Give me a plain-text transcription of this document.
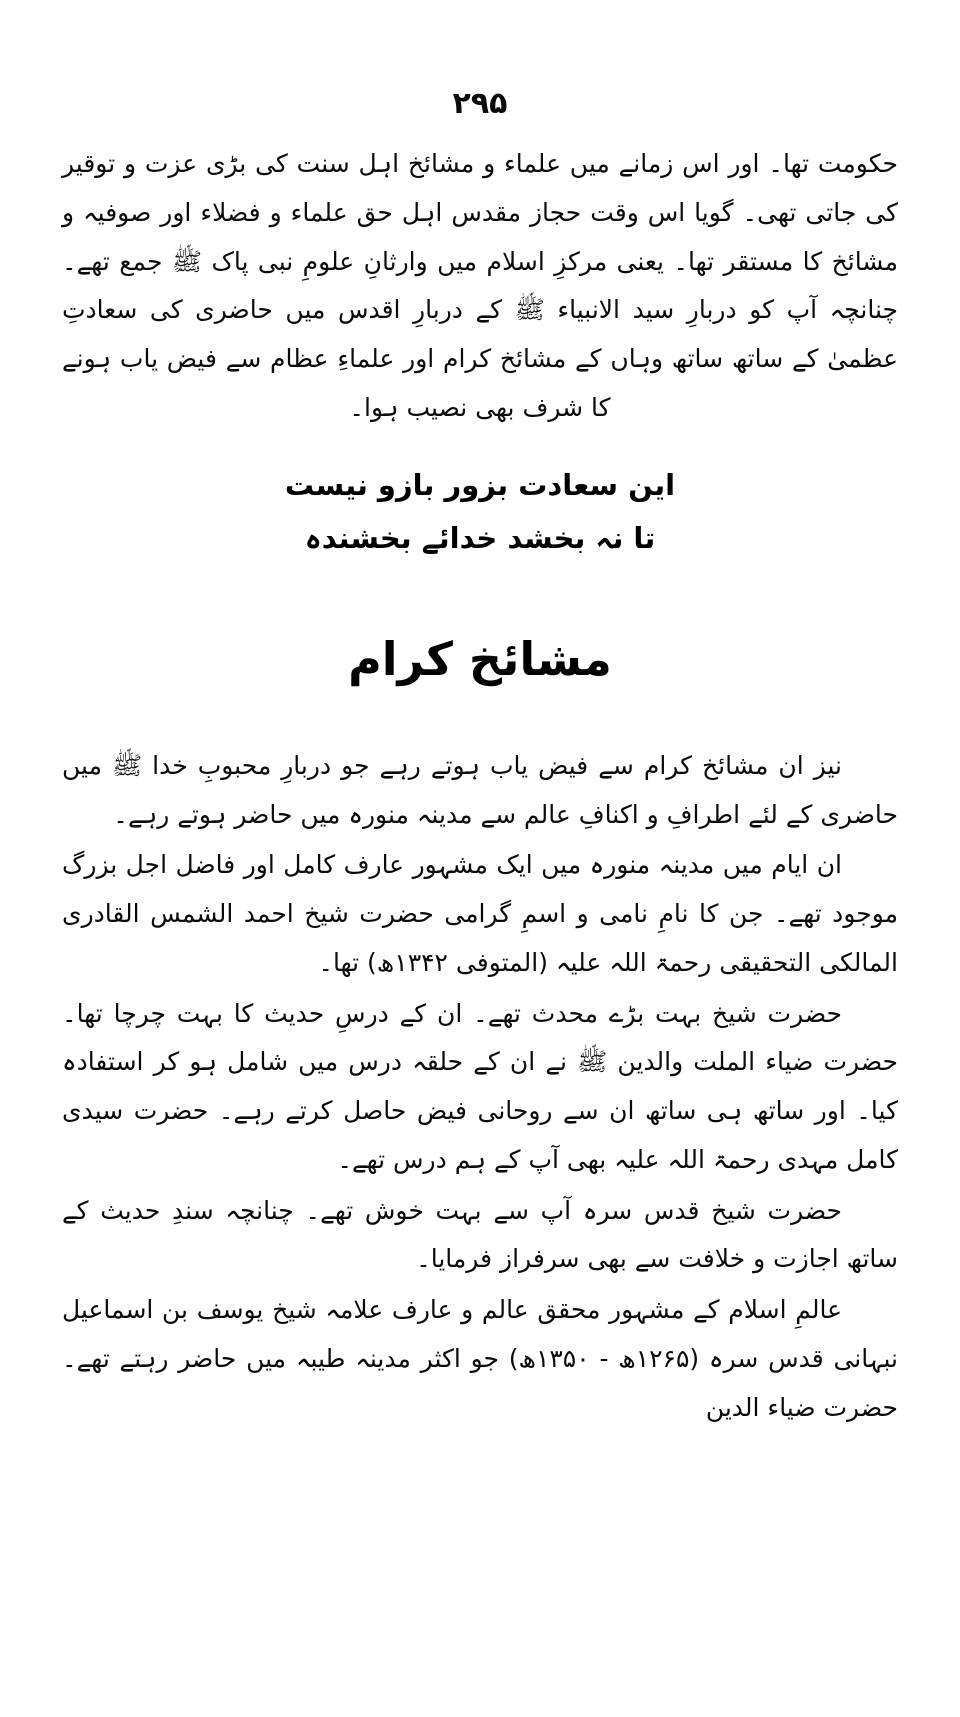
۲۹۵

حکومت تھا۔ اور اس زمانے میں علماء و مشائخ اہل سنت کی بڑی عزت و توقیر کی جاتی تھی۔ گویا اس وقت حجاز مقدس اہل حق علماء و فضلاء اور صوفیہ و مشائخ کا مستقر تھا۔ یعنی مرکزِ اسلام میں وارثانِ علومِ نبی پاک ﷺ جمع تھے۔ چنانچہ آپ کو دربارِ سید الانبیاء ﷺ کے دربارِ اقدس میں حاضری کی سعادتِ عظمیٰ کے ساتھ ساتھ وہاں کے مشائخ کرام اور علماءِ عظام سے فیض یاب ہونے کا شرف بھی نصیب ہوا۔

این سعادت بزور بازو نیست
تا نہ بخشد خدائے بخشندہ
مشائخ کرام

نیز ان مشائخ کرام سے فیض یاب ہوتے رہے جو دربارِ محبوبِ خدا ﷺ میں حاضری کے لئے اطرافِ و اکنافِ عالم سے مدینہ منورہ میں حاضر ہوتے رہے۔

ان ایام میں مدینہ منورہ میں ایک مشہور عارف کامل اور فاضل اجل بزرگ موجود تھے۔ جن کا نامِ نامی و اسمِ گرامی حضرت شیخ احمد الشمس القادری المالکی التحقیقی رحمۃ اللہ علیہ (المتوفی ۱۳۴۲ھ) تھا۔

حضرت شیخ بہت بڑے محدث تھے۔ ان کے درسِ حدیث کا بہت چرچا تھا۔ حضرت ضیاء الملت والدین ﷺ نے ان کے حلقہ درس میں شامل ہو کر استفادہ کیا۔ اور ساتھ ہی ساتھ ان سے روحانی فیض حاصل کرتے رہے۔ حضرت سیدی کامل مہدی رحمۃ اللہ علیہ بھی آپ کے ہم درس تھے۔

حضرت شیخ قدس سرہ آپ سے بہت خوش تھے۔ چنانچہ سندِ حدیث کے ساتھ اجازت و خلافت سے بھی سرفراز فرمایا۔

عالمِ اسلام کے مشہور محقق عالم و عارف علامہ شیخ یوسف بن اسماعیل نبہانی قدس سرہ (۱۲۶۵ھ - ۱۳۵۰ھ) جو اکثر مدینہ طیبہ میں حاضر رہتے تھے۔ حضرت ضیاء الدین
